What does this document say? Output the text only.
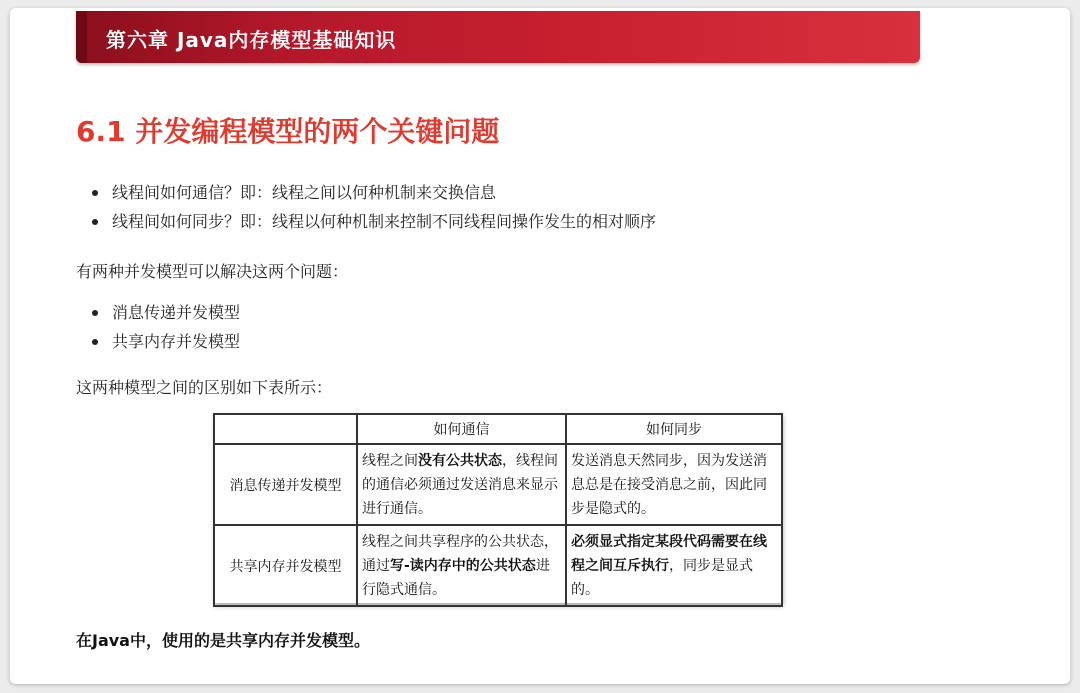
第六章 Java内存模型基础知识
6.1 并发编程模型的两个关键问题
线程间如何通信？即：线程之间以何种机制来交换信息
线程间如何同步？即：线程以何种机制来控制不同线程间操作发生的相对顺序
有两种并发模型可以解决这两个问题：
消息传递并发模型
共享内存并发模型
这两种模型之间的区别如下表所示：
	如何通信	如何同步
消息传递并发模型	线程之间没有公共状态，线程间的通信必须通过发送消息来显示进行通信。	发送消息天然同步，因为发送消息总是在接受消息之前，因此同步是隐式的。
共享内存并发模型	线程之间共享程序的公共状态，通过写-读内存中的公共状态进行隐式通信。	必须显式指定某段代码需要在线程之间互斥执行，同步是显式的。
在Java中，使用的是共享内存并发模型。
